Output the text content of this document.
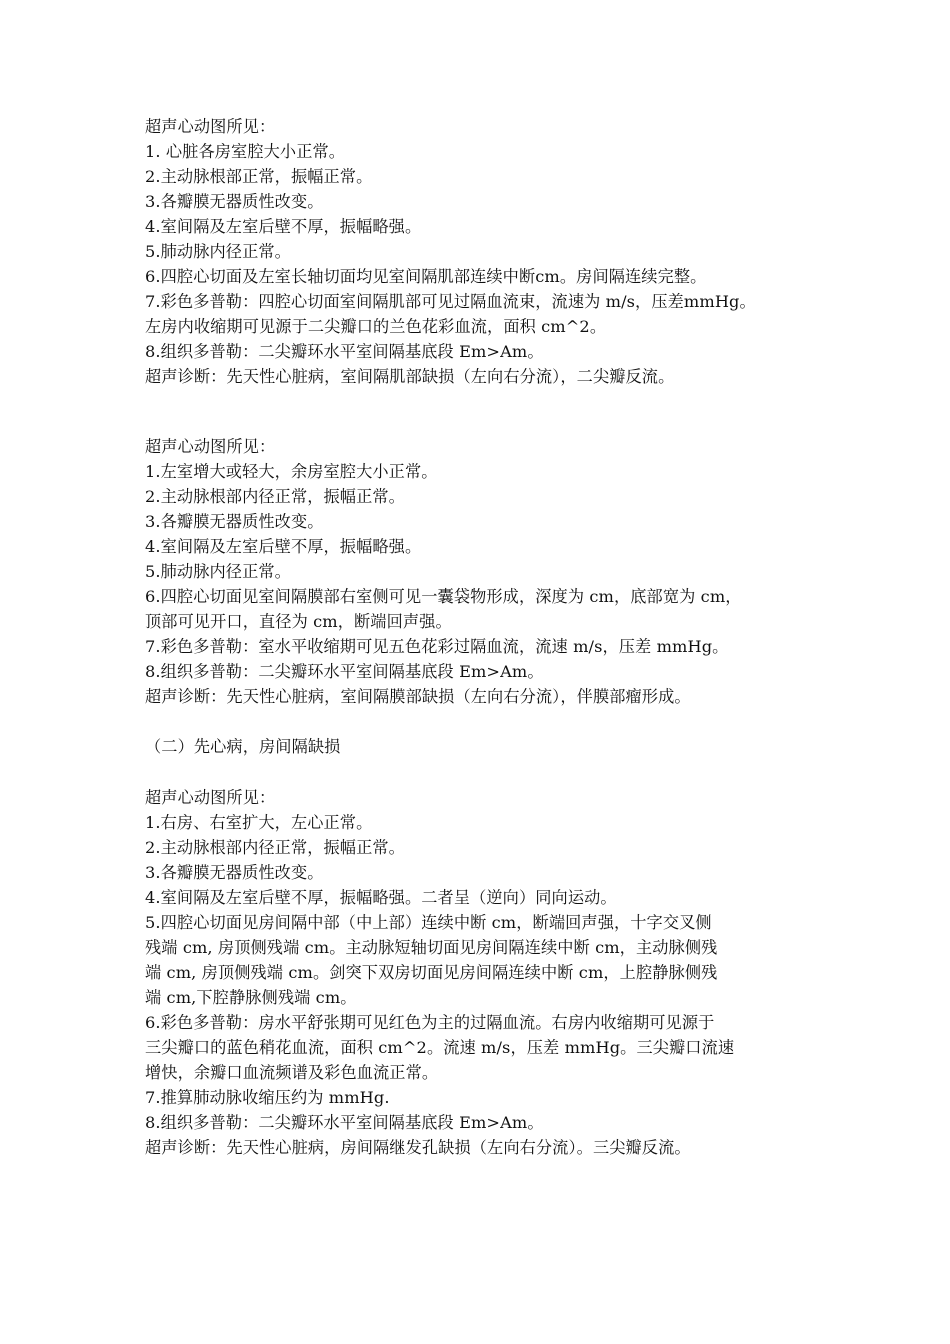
超声心动图所见：
1. 心脏各房室腔大小正常。
2.主动脉根部正常，振幅正常。
3.各瓣膜无器质性改变。
4.室间隔及左室后壁不厚，振幅略强。
5.肺动脉内径正常。
6.四腔心切面及左室长轴切面均见室间隔肌部连续中断cm。房间隔连续完整。
7.彩色多普勒：四腔心切面室间隔肌部可见过隔血流束，流速为 m/s，压差mmHg。
左房内收缩期可见源于二尖瓣口的兰色花彩血流，面积 cm^2。
8.组织多普勒：二尖瓣环水平室间隔基底段 Em>Am。
超声诊断：先天性心脏病，室间隔肌部缺损（左向右分流），二尖瓣反流。
超声心动图所见：
1.左室增大或轻大，余房室腔大小正常。
2.主动脉根部内径正常，振幅正常。
3.各瓣膜无器质性改变。
4.室间隔及左室后壁不厚，振幅略强。
5.肺动脉内径正常。
6.四腔心切面见室间隔膜部右室侧可见一囊袋物形成，深度为 cm，底部宽为 cm，
顶部可见开口，直径为 cm，断端回声强。
7.彩色多普勒：室水平收缩期可见五色花彩过隔血流，流速 m/s，压差 mmHg。
8.组织多普勒：二尖瓣环水平室间隔基底段 Em>Am。
超声诊断：先天性心脏病，室间隔膜部缺损（左向右分流），伴膜部瘤形成。
（二）先心病，房间隔缺损
超声心动图所见：
1.右房、右室扩大，左心正常。
2.主动脉根部内径正常，振幅正常。
3.各瓣膜无器质性改变。
4.室间隔及左室后壁不厚，振幅略强。二者呈（逆向）同向运动。
5.四腔心切面见房间隔中部（中上部）连续中断 cm，断端回声强，十字交叉侧
残端 cm, 房顶侧残端 cm。主动脉短轴切面见房间隔连续中断 cm，主动脉侧残
端 cm, 房顶侧残端 cm。剑突下双房切面见房间隔连续中断 cm，上腔静脉侧残
端 cm,下腔静脉侧残端 cm。
6.彩色多普勒：房水平舒张期可见红色为主的过隔血流。右房内收缩期可见源于
三尖瓣口的蓝色稍花血流，面积 cm^2。流速 m/s，压差 mmHg。三尖瓣口流速
增快，余瓣口血流频谱及彩色血流正常。
7.推算肺动脉收缩压约为 mmHg.
8.组织多普勒：二尖瓣环水平室间隔基底段 Em>Am。
超声诊断：先天性心脏病，房间隔继发孔缺损（左向右分流）。三尖瓣反流。
